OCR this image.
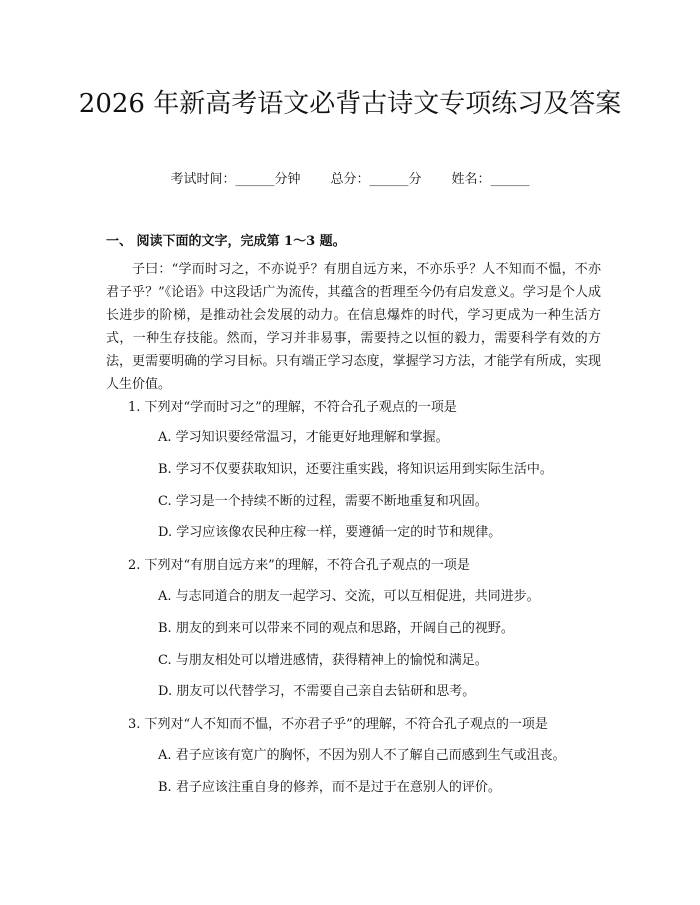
2026 年新高考语文必背古诗文专项练习及答案
考试时间：______分钟 总分：______分 姓名：______
一、 阅读下面的文字，完成第 1～3 题。
子曰：“学而时习之，不亦说乎？有朋自远方来，不亦乐乎？人不知而不愠，不亦君子乎？”《论语》中这段话广为流传，其蕴含的哲理至今仍有启发意义。学习是个人成长进步的阶梯，是推动社会发展的动力。在信息爆炸的时代，学习更成为一种生活方式，一种生存技能。然而，学习并非易事，需要持之以恒的毅力，需要科学有效的方法，更需要明确的学习目标。只有端正学习态度，掌握学习方法，才能学有所成，实现人生价值。
1. 下列对“学而时习之”的理解，不符合孔子观点的一项是
A. 学习知识要经常温习，才能更好地理解和掌握。
B. 学习不仅要获取知识，还要注重实践，将知识运用到实际生活中。
C. 学习是一个持续不断的过程，需要不断地重复和巩固。
D. 学习应该像农民种庄稼一样，要遵循一定的时节和规律。
2. 下列对“有朋自远方来”的理解，不符合孔子观点的一项是
A. 与志同道合的朋友一起学习、交流，可以互相促进，共同进步。
B. 朋友的到来可以带来不同的观点和思路，开阔自己的视野。
C. 与朋友相处可以增进感情，获得精神上的愉悦和满足。
D. 朋友可以代替学习，不需要自己亲自去钻研和思考。
3. 下列对“人不知而不愠，不亦君子乎”的理解，不符合孔子观点的一项是
A. 君子应该有宽广的胸怀，不因为别人不了解自己而感到生气或沮丧。
B. 君子应该注重自身的修养，而不是过于在意别人的评价。
